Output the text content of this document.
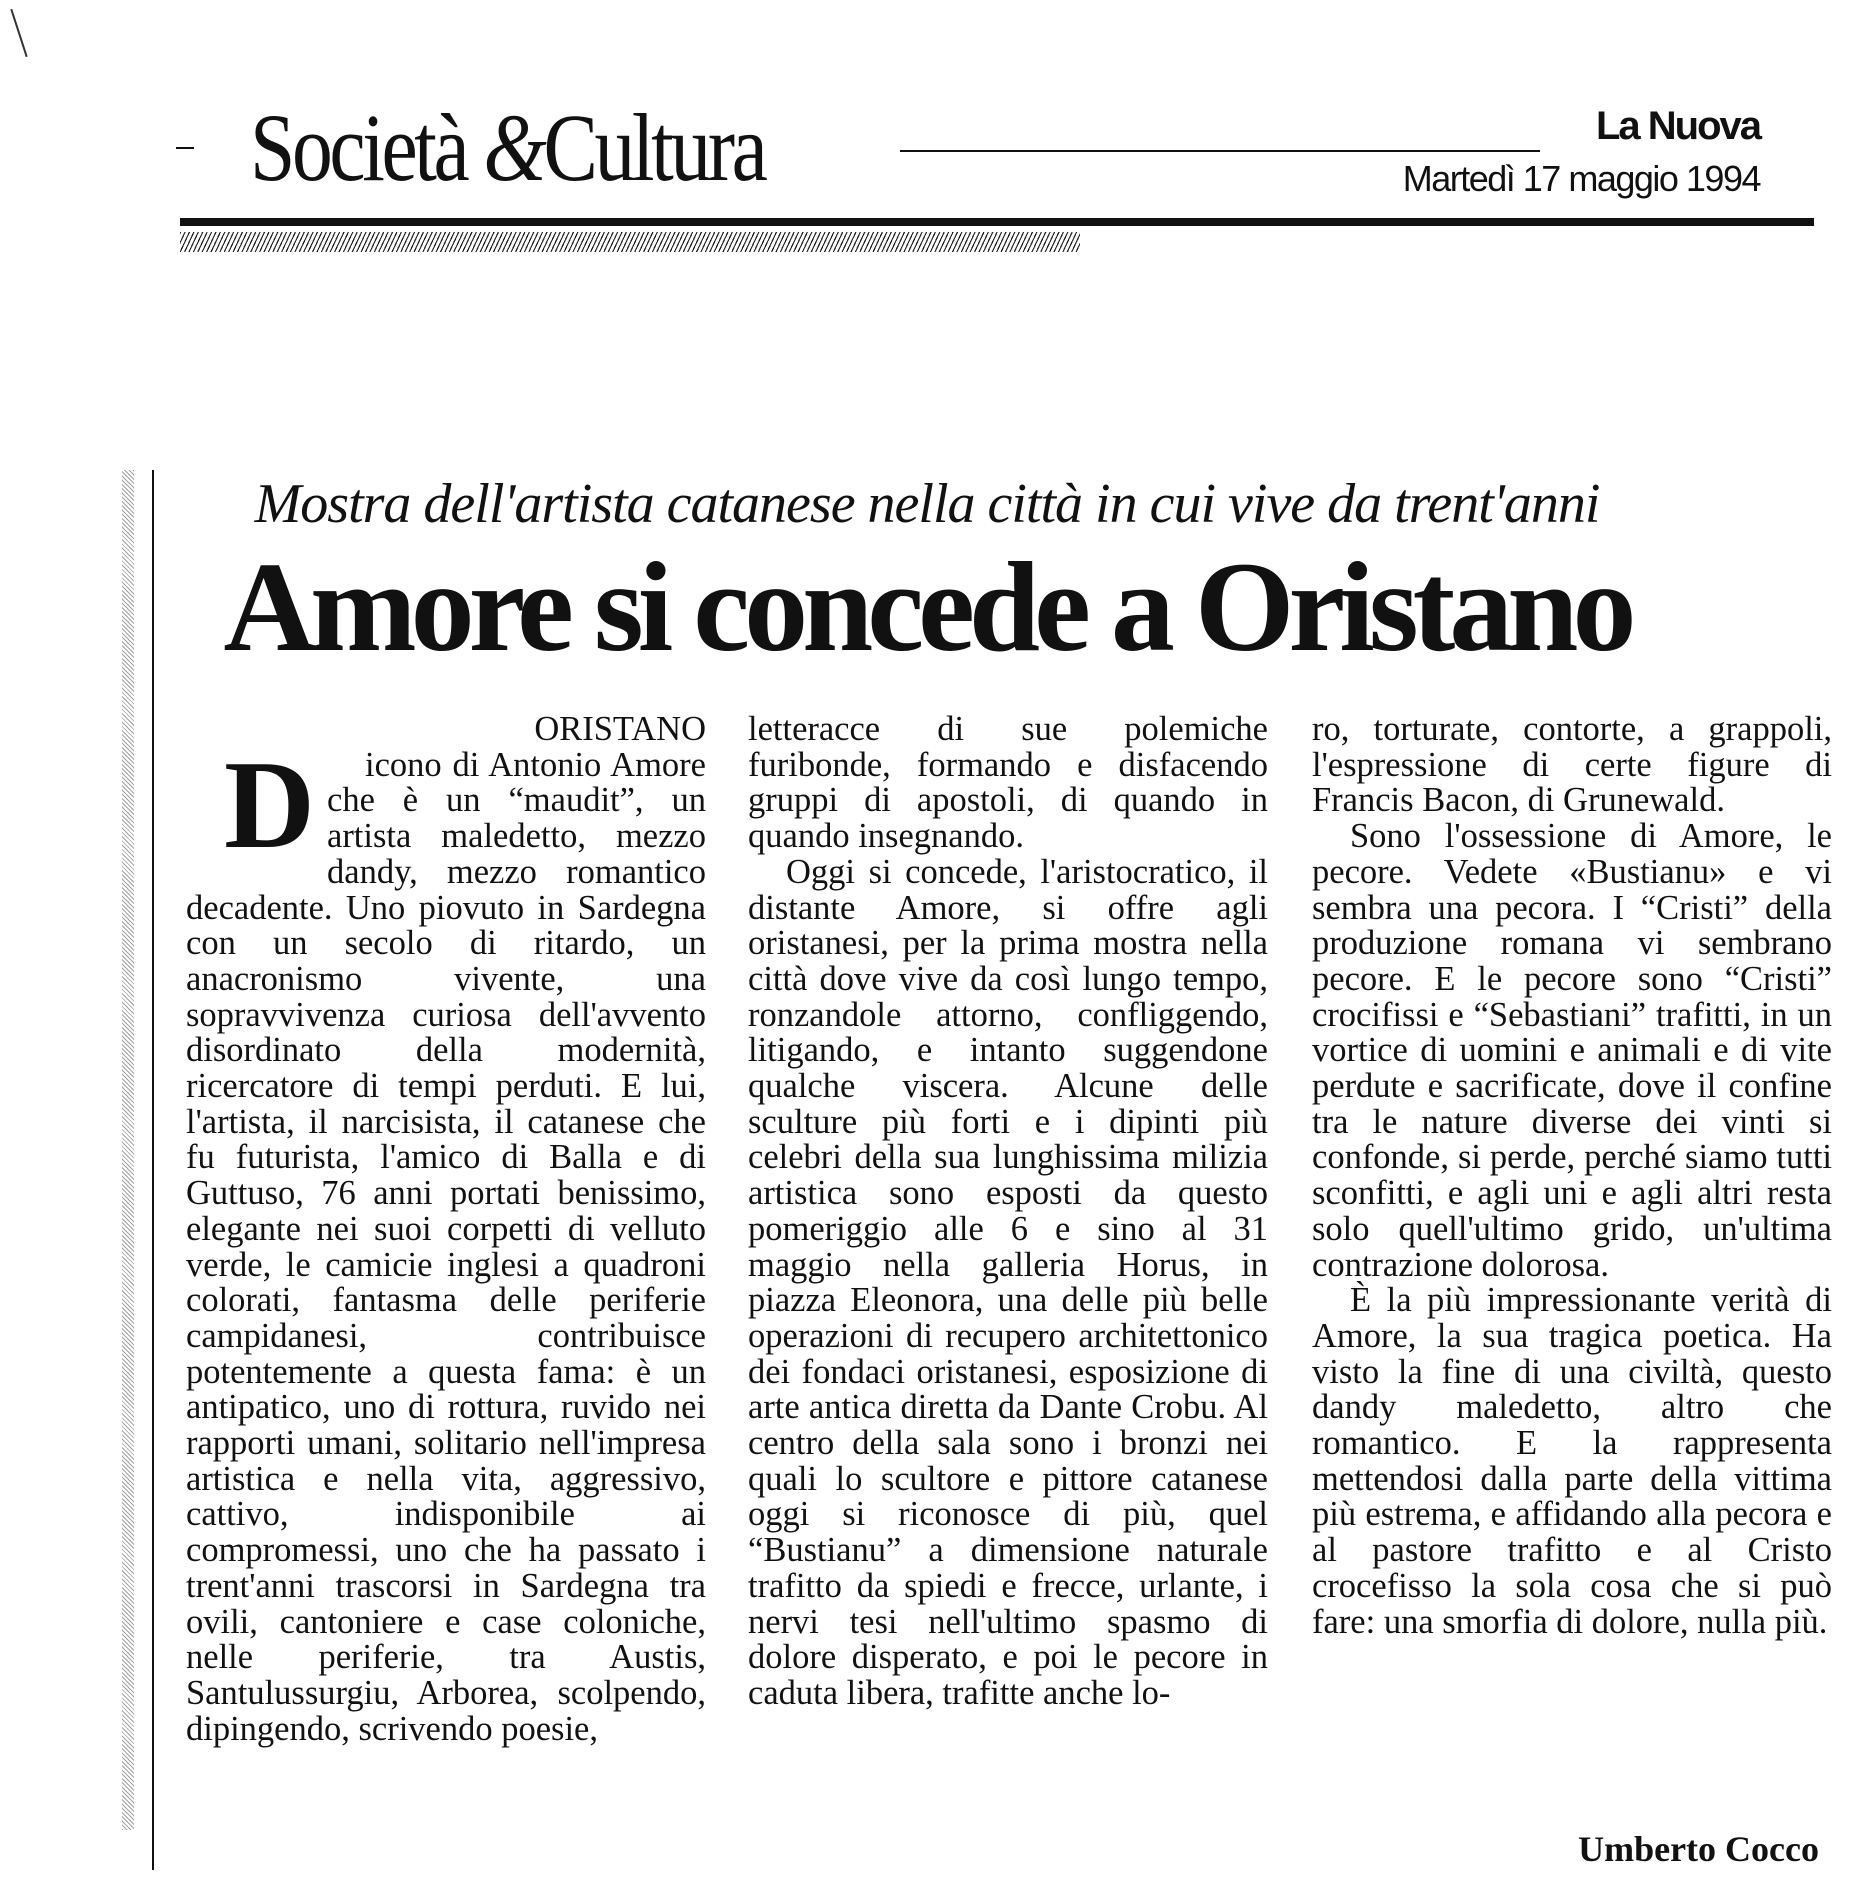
Società &Cultura	La Nuova
Martedì 17 maggio 1994
Mostra dell'artista catanese nella città in cui vive da trent'anni
Amore si concede a Oristano

ORISTANO

D icono di Antonio Amore che è un “maudit”, un artista maledetto, mezzo dandy, mezzo romantico decadente. Uno piovuto in Sardegna con un secolo di ritardo, un anacronismo vivente, una sopravvivenza curiosa dell'avvento disordinato della modernità, ricercatore di tempi perduti. E lui, l'artista, il narcisista, il catanese che fu futurista, l'amico di Balla e di Guttuso, 76 anni portati benissimo, elegante nei suoi corpetti di velluto verde, le camicie inglesi a quadroni colorati, fantasma delle periferie campidanesi, contribuisce potentemente a questa fama: è un antipatico, uno di rottura, ruvido nei rapporti umani, solitario nell'impresa artistica e nella vita, aggressivo, cattivo, indisponibile ai compromessi, uno che ha passato i trent'anni trascorsi in Sardegna tra ovili, cantoniere e case coloniche, nelle periferie, tra Austis, Santulussurgiu, Arborea, scolpendo, dipingendo, scrivendo poesie,

letteracce di sue polemiche furibonde, formando e disfacendo gruppi di apostoli, di quando in quando insegnando.

Oggi si concede, l'aristocratico, il distante Amore, si offre agli oristanesi, per la prima mostra nella città dove vive da così lungo tempo, ronzandole attorno, confliggendo, litigando, e intanto suggendone qualche viscera. Alcune delle sculture più forti e i dipinti più celebri della sua lunghissima milizia artistica sono esposti da questo pomeriggio alle 6 e sino al 31 maggio nella galleria Horus, in piazza Eleonora, una delle più belle operazioni di recupero architettonico dei fondaci oristanesi, esposizione di arte antica diretta da Dante Crobu. Al centro della sala sono i bronzi nei quali lo scultore e pittore catanese oggi si riconosce di più, quel “Bustianu” a dimensione naturale trafitto da spiedi e frecce, urlante, i nervi tesi nell'ultimo spasmo di dolore disperato, e poi le pecore in caduta libera, trafitte anche lo-

ro, torturate, contorte, a grappoli, l'espressione di certe figure di Francis Bacon, di Grunewald.

Sono l'ossessione di Amore, le pecore. Vedete «Bustianu» e vi sembra una pecora. I “Cristi” della produzione romana vi sembrano pecore. E le pecore sono “Cristi” crocifissi e “Sebastiani” trafitti, in un vortice di uomini e animali e di vite perdute e sacrificate, dove il confine tra le nature diverse dei vinti si confonde, si perde, perché siamo tutti sconfitti, e agli uni e agli altri resta solo quell'ultimo grido, un'ultima contrazione dolorosa.

È la più impressionante verità di Amore, la sua tragica poetica. Ha visto la fine di una civiltà, questo dandy maledetto, altro che romantico. E la rappresenta mettendosi dalla parte della vittima più estrema, e affidando alla pecora e al pastore trafitto e al Cristo crocefisso la sola cosa che si può fare: una smorfia di dolore, nulla più.

Umberto Cocco
